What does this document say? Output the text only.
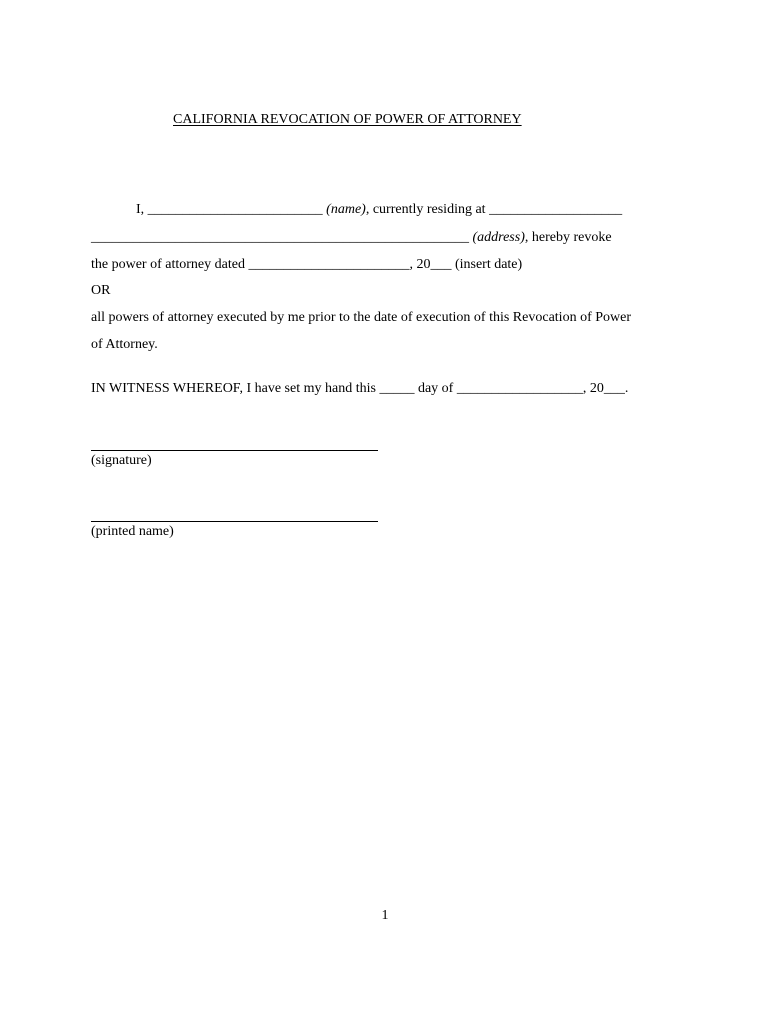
CALIFORNIA REVOCATION OF POWER OF ATTORNEY
I, _________________________ (name), currently residing at ___________________
______________________________________________________ (address), hereby revoke
the power of attorney dated _______________________, 20___ (insert date)
OR
all powers of attorney executed by me prior to the date of execution of this Revocation of Power
of Attorney.
IN WITNESS WHEREOF, I have set my hand this _____ day of __________________, 20___.
(signature)
(printed name)
1
